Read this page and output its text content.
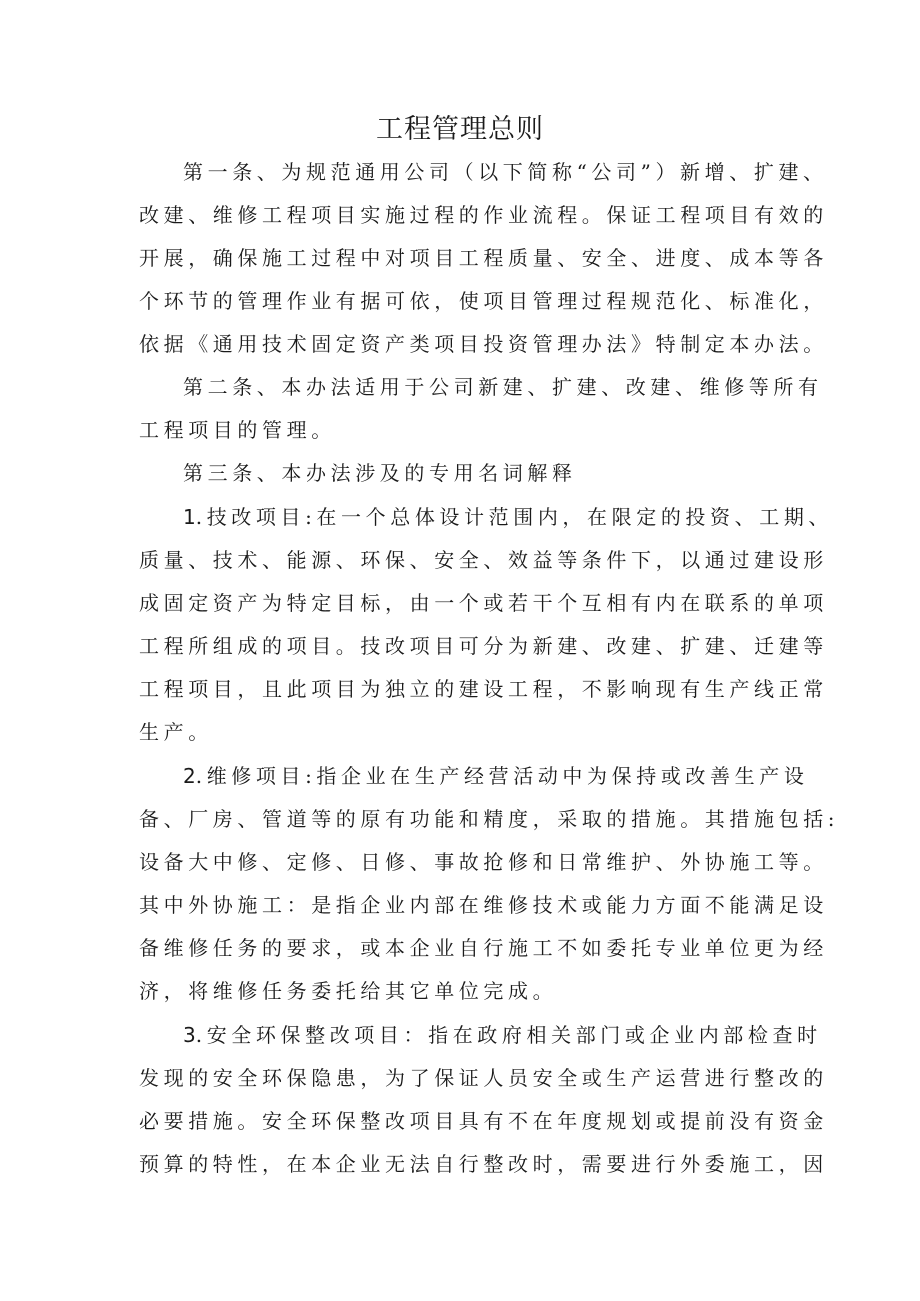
工程管理总则

第一条、为规范通用公司（以下简称“公司”）新增、扩建、

改建、维修工程项目实施过程的作业流程。保证工程项目有效的

开展，确保施工过程中对项目工程质量、安全、进度、成本等各

个环节的管理作业有据可依，使项目管理过程规范化、标准化，

依据《通用技术固定资产类项目投资管理办法》特制定本办法。

第二条、本办法适用于公司新建、扩建、改建、维修等所有

工程项目的管理。

第三条、本办法涉及的专用名词解释

1.技改项目:在一个总体设计范围内，在限定的投资、工期、

质量、技术、能源、环保、安全、效益等条件下，以通过建设形

成固定资产为特定目标，由一个或若干个互相有内在联系的单项

工程所组成的项目。技改项目可分为新建、改建、扩建、迁建等

工程项目，且此项目为独立的建设工程，不影响现有生产线正常

生产。

2.维修项目:指企业在生产经营活动中为保持或改善生产设

备、厂房、管道等的原有功能和精度，采取的措施。其措施包括:

设备大中修、定修、日修、事故抢修和日常维护、外协施工等。

其中外协施工：是指企业内部在维修技术或能力方面不能满足设

备维修任务的要求，或本企业自行施工不如委托专业单位更为经

济，将维修任务委托给其它单位完成。

3.安全环保整改项目：指在政府相关部门或企业内部检查时

发现的安全环保隐患，为了保证人员安全或生产运营进行整改的

必要措施。安全环保整改项目具有不在年度规划或提前没有资金

预算的特性，在本企业无法自行整改时，需要进行外委施工，因
